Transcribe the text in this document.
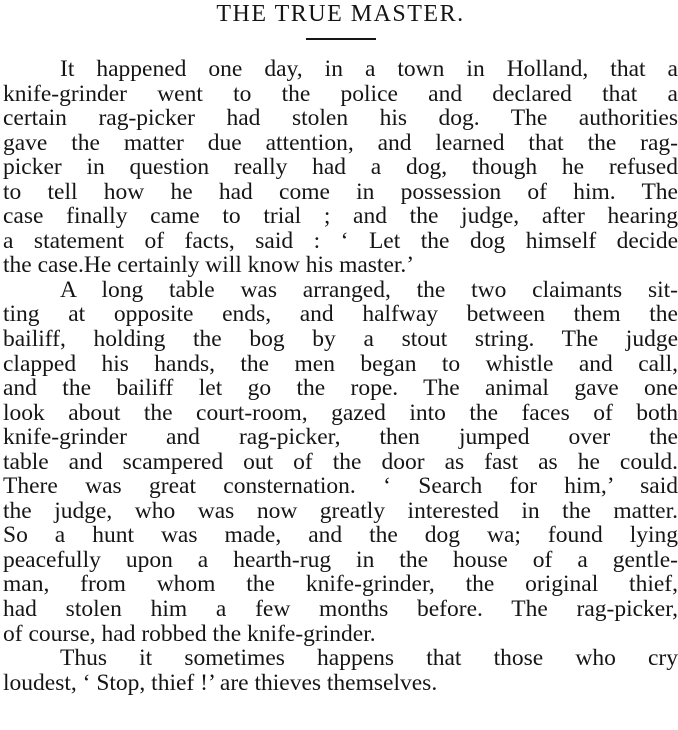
THE TRUE MASTER.
It happened one day, in a town in Holland, that a
knife-grinder went to the police and declared that a
certain rag-picker had stolen his dog. The authorities
gave the matter due attention, and learned that the rag-
picker in question really had a dog, though he refused
to tell how he had come in possession of him. The
case finally came to trial ; and the judge, after hearing
a statement of facts, said : ‘ Let the dog himself decide
the case.He certainly will know his master.’
A long table was arranged, the two claimants sit-
ting at opposite ends, and halfway between them the
bailiff, holding the bog by a stout string. The judge
clapped his hands, the men began to whistle and call,
and the bailiff let go the rope. The animal gave one
look about the court-room, gazed into the faces of both
knife-grinder and rag-picker, then jumped over the
table and scampered out of the door as fast as he could.
There was great consternation. ‘ Search for him,’ said
the judge, who was now greatly interested in the matter.
So a hunt was made, and the dog wa; found lying
peacefully upon a hearth-rug in the house of a gentle-
man, from whom the knife-grinder, the original thief,
had stolen him a few months before. The rag-picker,
of course, had robbed the knife-grinder.
Thus it sometimes happens that those who cry
loudest, ‘ Stop, thief !’ are thieves themselves.
